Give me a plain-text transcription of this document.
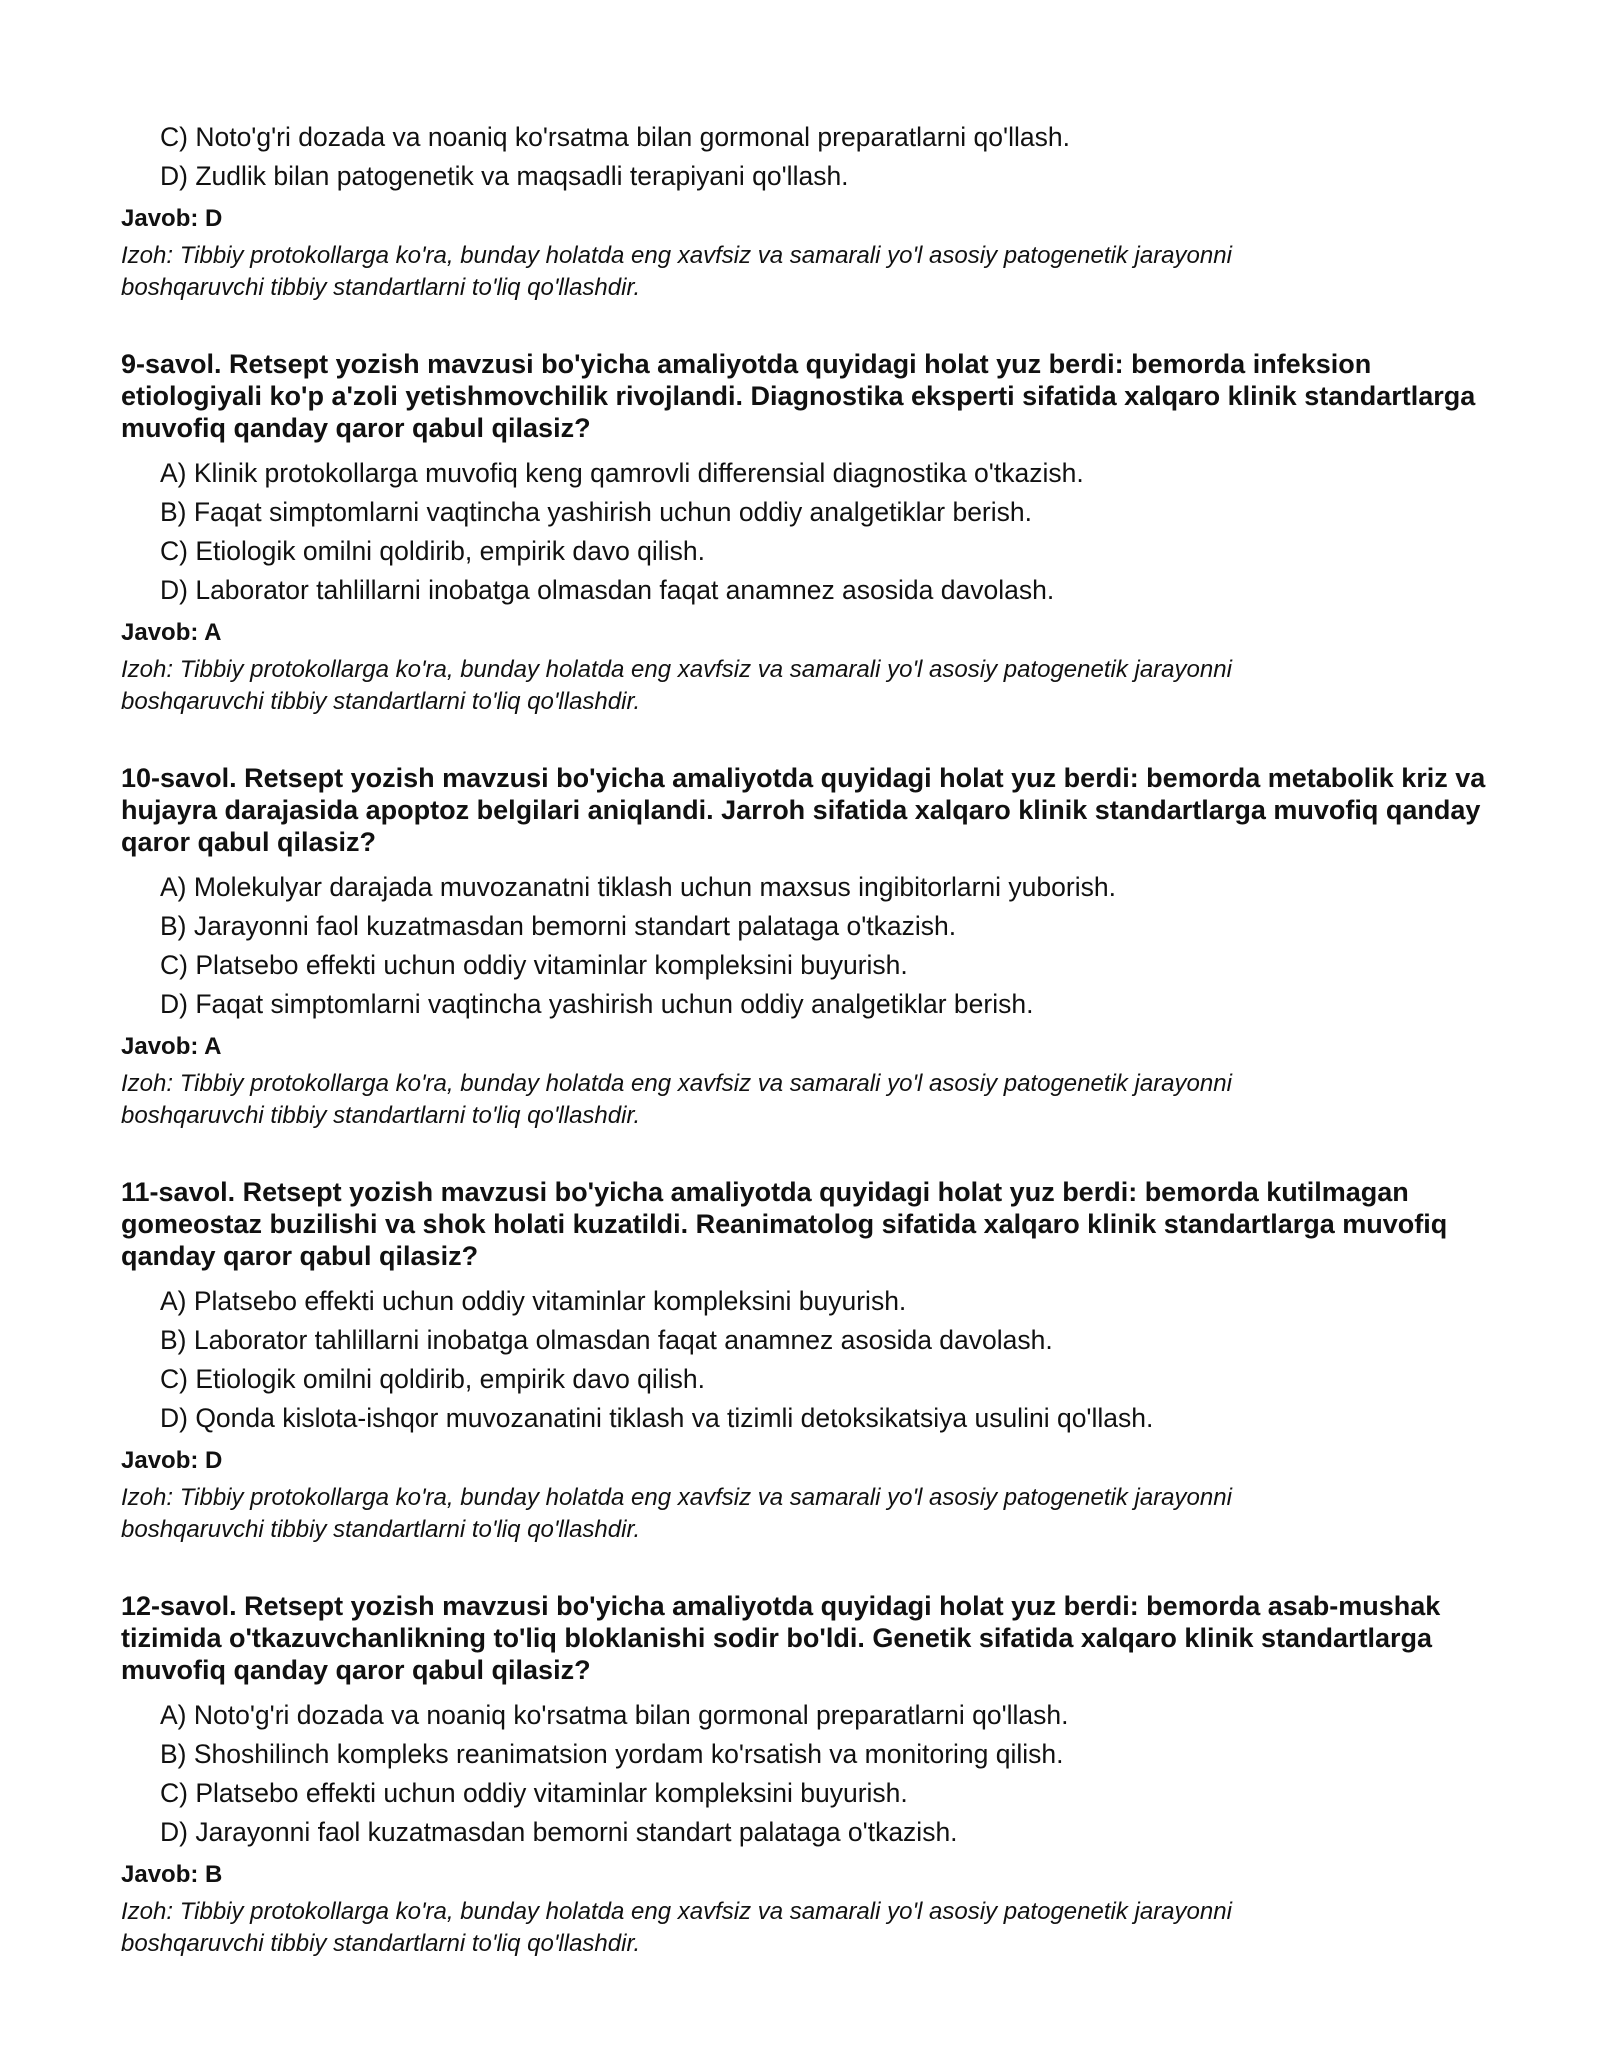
C) Noto'g'ri dozada va noaniq ko'rsatma bilan gormonal preparatlarni qo'llash.
D) Zudlik bilan patogenetik va maqsadli terapiyani qo'llash.
Javob: D
Izoh: Tibbiy protokollarga ko'ra, bunday holatda eng xavfsiz va samarali yo'l asosiy patogenetik jarayonni boshqaruvchi tibbiy standartlarni to'liq qo'llashdir.
9-savol. Retsept yozish mavzusi bo'yicha amaliyotda quyidagi holat yuz berdi: bemorda infeksion etiologiyali ko'p a'zoli yetishmovchilik rivojlandi. Diagnostika eksperti sifatida xalqaro klinik standartlarga muvofiq qanday qaror qabul qilasiz?
A) Klinik protokollarga muvofiq keng qamrovli differensial diagnostika o'tkazish.
B) Faqat simptomlarni vaqtincha yashirish uchun oddiy analgetiklar berish.
C) Etiologik omilni qoldirib, empirik davo qilish.
D) Laborator tahlillarni inobatga olmasdan faqat anamnez asosida davolash.
Javob: A
Izoh: Tibbiy protokollarga ko'ra, bunday holatda eng xavfsiz va samarali yo'l asosiy patogenetik jarayonni boshqaruvchi tibbiy standartlarni to'liq qo'llashdir.
10-savol. Retsept yozish mavzusi bo'yicha amaliyotda quyidagi holat yuz berdi: bemorda metabolik kriz va hujayra darajasida apoptoz belgilari aniqlandi. Jarroh sifatida xalqaro klinik standartlarga muvofiq qanday qaror qabul qilasiz?
A) Molekulyar darajada muvozanatni tiklash uchun maxsus ingibitorlarni yuborish.
B) Jarayonni faol kuzatmasdan bemorni standart palataga o'tkazish.
C) Platsebo effekti uchun oddiy vitaminlar kompleksini buyurish.
D) Faqat simptomlarni vaqtincha yashirish uchun oddiy analgetiklar berish.
Javob: A
Izoh: Tibbiy protokollarga ko'ra, bunday holatda eng xavfsiz va samarali yo'l asosiy patogenetik jarayonni boshqaruvchi tibbiy standartlarni to'liq qo'llashdir.
11-savol. Retsept yozish mavzusi bo'yicha amaliyotda quyidagi holat yuz berdi: bemorda kutilmagan gomeostaz buzilishi va shok holati kuzatildi. Reanimatolog sifatida xalqaro klinik standartlarga muvofiq qanday qaror qabul qilasiz?
A) Platsebo effekti uchun oddiy vitaminlar kompleksini buyurish.
B) Laborator tahlillarni inobatga olmasdan faqat anamnez asosida davolash.
C) Etiologik omilni qoldirib, empirik davo qilish.
D) Qonda kislota-ishqor muvozanatini tiklash va tizimli detoksikatsiya usulini qo'llash.
Javob: D
Izoh: Tibbiy protokollarga ko'ra, bunday holatda eng xavfsiz va samarali yo'l asosiy patogenetik jarayonni boshqaruvchi tibbiy standartlarni to'liq qo'llashdir.
12-savol. Retsept yozish mavzusi bo'yicha amaliyotda quyidagi holat yuz berdi: bemorda asab-mushak tizimida o'tkazuvchanlikning to'liq bloklanishi sodir bo'ldi. Genetik sifatida xalqaro klinik standartlarga muvofiq qanday qaror qabul qilasiz?
A) Noto'g'ri dozada va noaniq ko'rsatma bilan gormonal preparatlarni qo'llash.
B) Shoshilinch kompleks reanimatsion yordam ko'rsatish va monitoring qilish.
C) Platsebo effekti uchun oddiy vitaminlar kompleksini buyurish.
D) Jarayonni faol kuzatmasdan bemorni standart palataga o'tkazish.
Javob: B
Izoh: Tibbiy protokollarga ko'ra, bunday holatda eng xavfsiz va samarali yo'l asosiy patogenetik jarayonni boshqaruvchi tibbiy standartlarni to'liq qo'llashdir.
